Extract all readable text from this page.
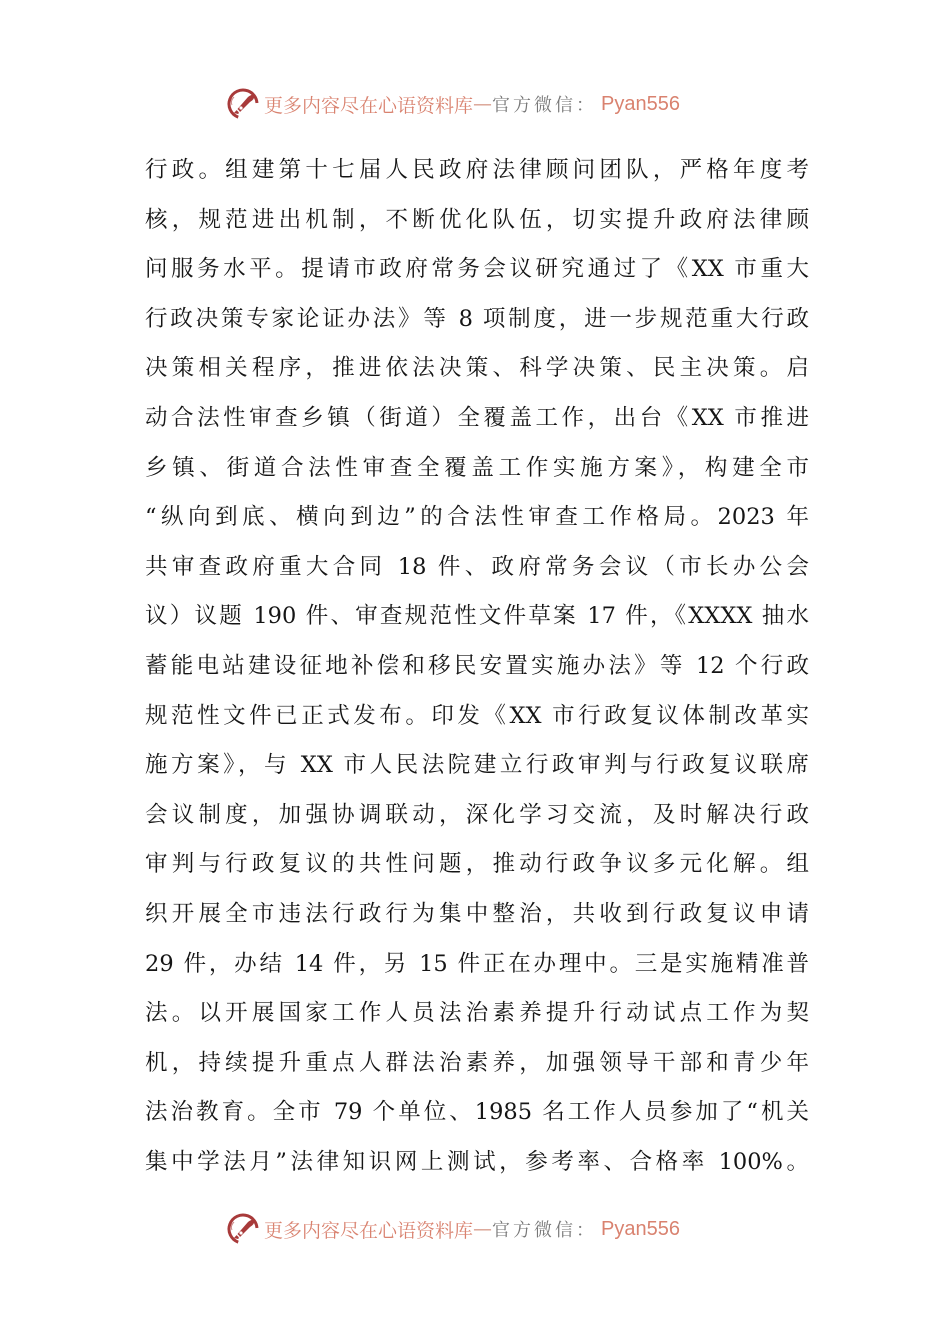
更多内容尽在心语资料库 — 官方微信： Pyan556
行政。组建第十七届人民政府法律顾问团队，严格年度考
核，规范进出机制，不断优化队伍，切实提升政府法律顾
问服务水平。提请市政府常务会议研究通过了《XX 市重大
行政决策专家论证办法》等 8 项制度，进一步规范重大行政
决策相关程序，推进依法决策、科学决策、民主决策。启
动合法性审查乡镇（街道）全覆盖工作，出台《XX 市推进
乡镇、街道合法性审查全覆盖工作实施方案》，构建全市
“纵向到底、横向到边”的合法性审查工作格局。2023 年
共审查政府重大合同 18 件、政府常务会议（市长办公会
议）议题 190 件、审查规范性文件草案 17 件，《XXXX 抽水
蓄能电站建设征地补偿和移民安置实施办法》等 12 个行政
规范性文件已正式发布。印发《XX 市行政复议体制改革实
施方案》，与 XX 市人民法院建立行政审判与行政复议联席
会议制度，加强协调联动，深化学习交流，及时解决行政
审判与行政复议的共性问题，推动行政争议多元化解。组
织开展全市违法行政行为集中整治，共收到行政复议申请
29 件，办结 14 件，另 15 件正在办理中。三是实施精准普
法。以开展国家工作人员法治素养提升行动试点工作为契
机，持续提升重点人群法治素养，加强领导干部和青少年
法治教育。全市 79 个单位、1985 名工作人员参加了“机关
集中学法月”法律知识网上测试，参考率、合格率 100%。
更多内容尽在心语资料库 — 官方微信： Pyan556
